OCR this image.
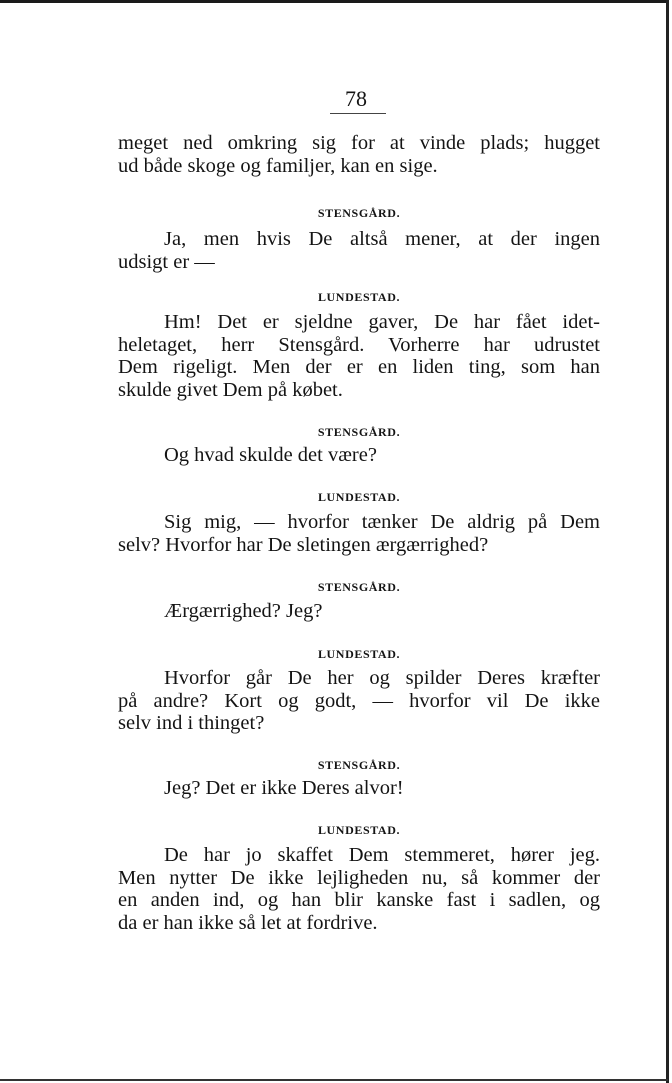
78
meget ned omkring sig for at vinde plads; hugget
ud både skoge og familjer, kan en sige.
STENSGÅRD.
Ja, men hvis De altså mener, at der ingen
udsigt er —
LUNDESTAD.
Hm! Det er sjeldne gaver, De har fået idet-
heletaget, herr Stensgård. Vorherre har udrustet
Dem rigeligt. Men der er en liden ting, som han
skulde givet Dem på købet.
STENSGÅRD.
Og hvad skulde det være?
LUNDESTAD.
Sig mig, — hvorfor tænker De aldrig på Dem
selv? Hvorfor har De sletingen ærgærrighed?
STENSGÅRD.
Ærgærrighed? Jeg?
LUNDESTAD.
Hvorfor går De her og spilder Deres kræfter
på andre? Kort og godt, — hvorfor vil De ikke
selv ind i thinget?
STENSGÅRD.
Jeg? Det er ikke Deres alvor!
LUNDESTAD.
De har jo skaffet Dem stemmeret, hører jeg.
Men nytter De ikke lejligheden nu, så kommer der
en anden ind, og han blir kanske fast i sadlen, og
da er han ikke så let at fordrive.
